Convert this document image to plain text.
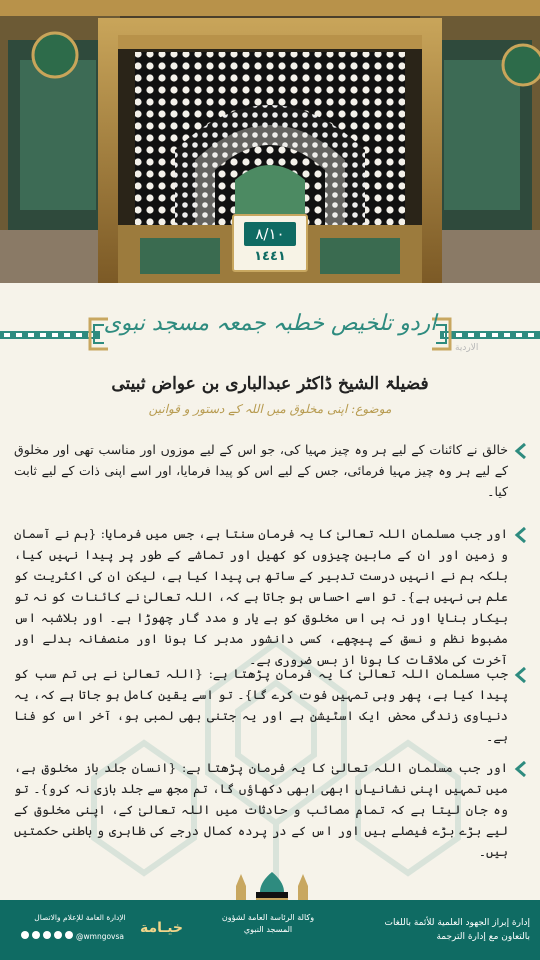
٨/١٠
١٤٤١
اردو تلخیص خطبہ جمعہ مسجد نبوی
الاردية
فضیلۃ الشیخ ڈاکٹر عبدالباری بن عواض ثبیتی
موضوع: اپنی مخلوق میں اللہ کے دستور و قوانین
خالق نے کائنات کے لیے ہر وہ چیز مہیا کی، جو اس کے لیے موزوں اور مناسب تھی اور مخلوق کے لیے ہر وہ چیز مہیا فرمائی، جس کے لیے اس کو پیدا فرمایا، اور اسے اپنی ذات کے لیے ثابت کیا۔
اور جب مسلمان اللہ تعالیٰ کا یہ فرمان سنتا ہے، جس میں فرمایا: {ہم نے آسمان و زمین اور ان کے مابین چیزوں کو کھیل اور تماشے کے طور پر پیدا نہیں کیا، بلکہ ہم نے انہیں درست تدبیر کے ساتھ ہی پیدا کیا ہے، لیکن ان کی اکثریت کو علم ہی نہیں ہے}۔ تو اسے احساس ہو جاتا ہے کہ، اللہ تعالیٰ نے کائنات کو نہ تو بیکار بنایا اور نہ ہی اس مخلوق کو بے یار و مدد گار چھوڑا ہے۔ اور بلاشبہ اس مضبوط نظم و نسق کے پیچھے، کسی دانشور مدبر کا ہونا اور منصفانہ بدلے اور آخرت کی ملاقات کا ہونا از بس ضروری ہے۔
جب مسلمان اللہ تعالیٰ کا یہ فرمان پڑھتا ہے: {اللہ تعالیٰ نے ہی تم سب کو پیدا کیا ہے، پھر وہی تمہیں فوت کرے گا}۔ تو اسے یقین کامل ہو جاتا ہے کہ، یہ دنیاوی زندگی محض ایک اسٹیشن ہے اور یہ جتنی بھی لمبی ہو، آخر اس کو فنا ہے۔
اور جب مسلمان اللہ تعالیٰ کا یہ فرمان پڑھتا ہے: {انسان جلد باز مخلوق ہے، میں تمہیں اپنی نشانیاں ابھی ابھی دکھاؤں گا، تم مجھ سے جلد بازی نہ کرو}۔ تو وہ جان لیتا ہے کہ تمام مصائب و حادثات میں اللہ تعالیٰ کے، اپنی مخلوق کے لیے بڑے بڑے فیصلے ہیں اور اس کے در پردہ کمال درجے کی ظاہری و باطنی حکمتیں ہیں۔
إدارة إبراز الجهود العلمية للأئمة باللغات
بالتعاون مع إدارة الترجمة
وكالة الرئاسة العامة لشؤون المسجد النبوي
خيـامة
الإدارة العامة للإعلام والاتصال
@wmngovsa
